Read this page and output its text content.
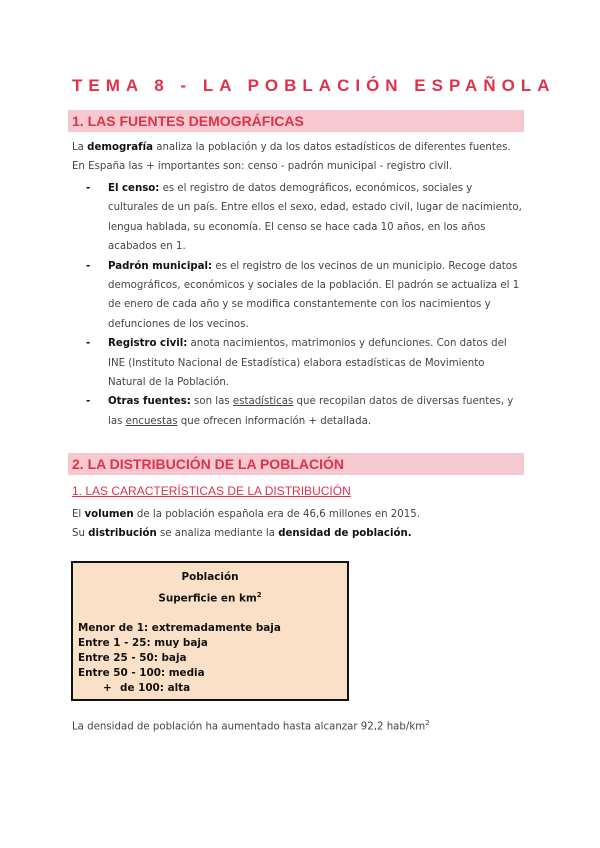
TEMA 8 - LA POBLACIÓN ESPAÑOLA
1. LAS FUENTES DEMOGRÁFICAS
La demografía analiza la población y da los datos estadísticos de diferentes fuentes.
En España las + importantes son: censo - padrón municipal - registro civil.
- El censo: es el registro de datos demográficos, económicos, sociales y culturales de un país. Entre ellos el sexo, edad, estado civil, lugar de nacimiento, lengua hablada, su economía. El censo se hace cada 10 años, en los años acabados en 1.
- Padrón municipal: es el registro de los vecinos de un municipio. Recoge datos demográficos, económicos y sociales de la población. El padrón se actualiza el 1 de enero de cada año y se modifica constantemente con los nacimientos y defunciones de los vecinos.
- Registro civil: anota nacimientos, matrimonios y defunciones. Con datos del INE (Instituto Nacional de Estadística) elabora estadísticas de Movimiento Natural de la Población.
- Otras fuentes: son las estadísticas que recopilan datos de diversas fuentes, y las encuestas que ofrecen información + detallada.
2. LA DISTRIBUCIÓN DE LA POBLACIÓN
1. LAS CARACTERÍSTICAS DE LA DISTRIBUCIÓN
El volumen de la población española era de 46,6 millones en 2015.
Su distribución se analiza mediante la densidad de población.
Población
Superficie en $km^2$
Menor de 1: extremadamente baja
Entre 1 - 25: muy baja
Entre 25 - 50: baja
Entre 50 - 100: media
+ de 100: alta
La densidad de población ha aumentado hasta alcanzar 92,2 hab/$km^2$
